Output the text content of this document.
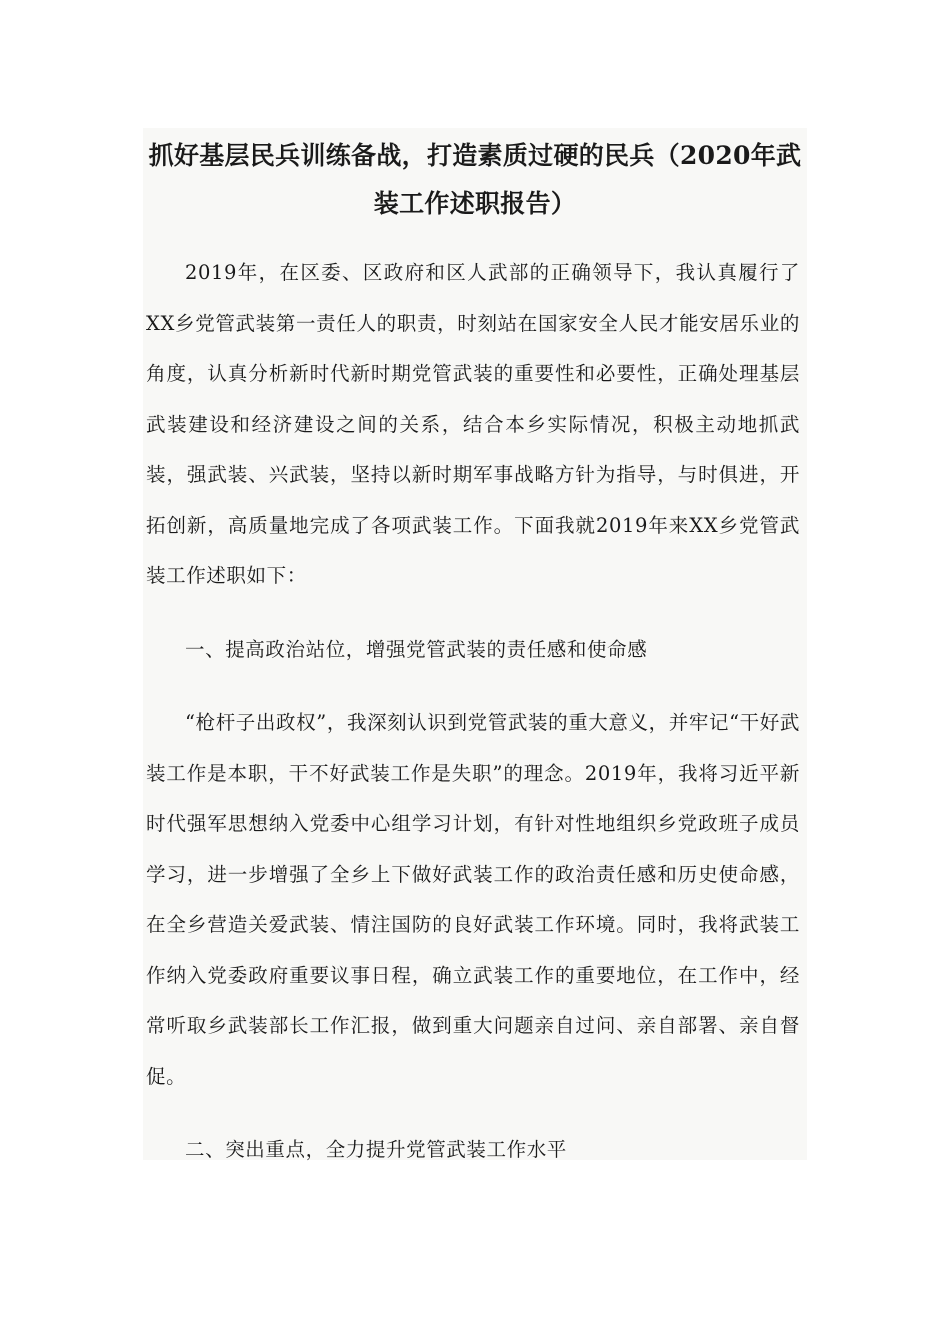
抓好基层民兵训练备战，打造素质过硬的民兵（2020年武装工作述职报告）

2019年，在区委、区政府和区人武部的正确领导下，我认真履行了XX乡党管武装第一责任人的职责，时刻站在国家安全人民才能安居乐业的角度，认真分析新时代新时期党管武装的重要性和必要性，正确处理基层武装建设和经济建设之间的关系，结合本乡实际情况，积极主动地抓武装，强武装、兴武装，坚持以新时期军事战略方针为指导，与时俱进，开拓创新，高质量地完成了各项武装工作。下面我就2019年来XX乡党管武装工作述职如下：

一、提高政治站位，增强党管武装的责任感和使命感

“枪杆子出政权”，我深刻认识到党管武装的重大意义，并牢记“干好武装工作是本职，干不好武装工作是失职”的理念。2019年，我将习近平新时代强军思想纳入党委中心组学习计划，有针对性地组织乡党政班子成员学习，进一步增强了全乡上下做好武装工作的政治责任感和历史使命感，在全乡营造关爱武装、情注国防的良好武装工作环境。同时，我将武装工作纳入党委政府重要议事日程，确立武装工作的重要地位，在工作中，经常听取乡武装部长工作汇报，做到重大问题亲自过问、亲自部署、亲自督促。

二、突出重点，全力提升党管武装工作水平
